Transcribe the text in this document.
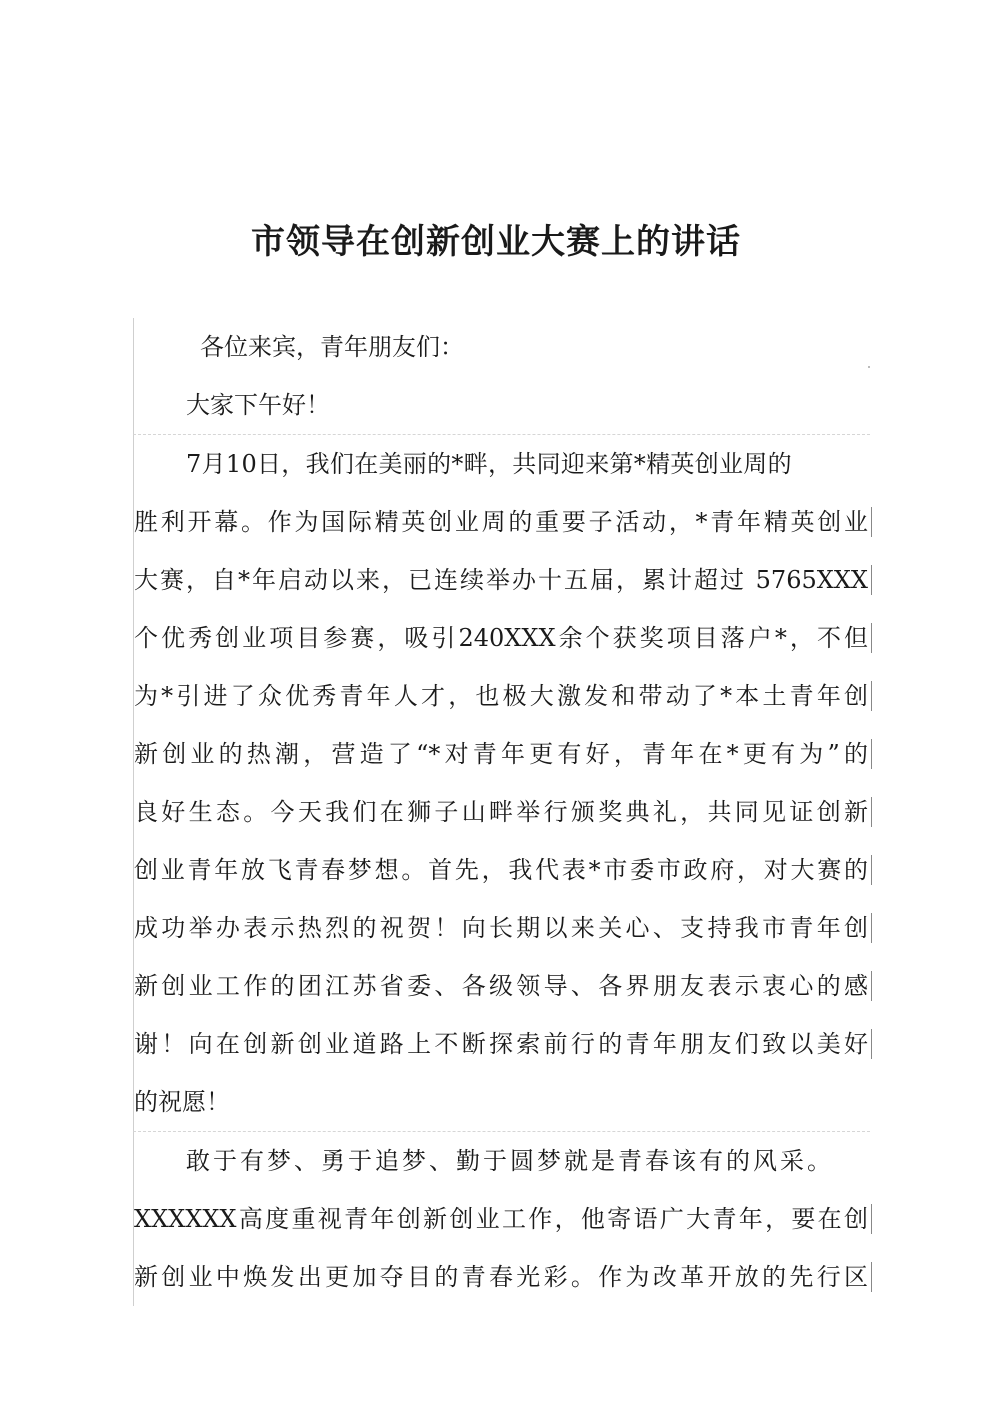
市领导在创新创业大赛上的讲话
各位来宾，青年朋友们：
大家下午好！
7月10日，我们在美丽的*畔，共同迎来第*精英创业周的
胜利开幕。作为国际精英创业周的重要子活动，*青年精英创业
大赛，自*年启动以来，已连续举办十五届，累计超过 5765XXX
个优秀创业项目参赛，吸引240XXX余个获奖项目落户*，不但
为*引进了众优秀青年人才，也极大激发和带动了*本土青年创
新创业的热潮，营造了“*对青年更有好，青年在*更有为”的
良好生态。今天我们在狮子山畔举行颁奖典礼，共同见证创新
创业青年放飞青春梦想。首先，我代表*市委市政府，对大赛的
成功举办表示热烈的祝贺！向长期以来关心、支持我市青年创
新创业工作的团江苏省委、各级领导、各界朋友表示衷心的感
谢！向在创新创业道路上不断探索前行的青年朋友们致以美好
的祝愿！
敢于有梦、勇于追梦、勤于圆梦就是青春该有的风采。
XXXXXX高度重视青年创新创业工作，他寄语广大青年，要在创
新创业中焕发出更加夺目的青春光彩。作为改革开放的先行区
